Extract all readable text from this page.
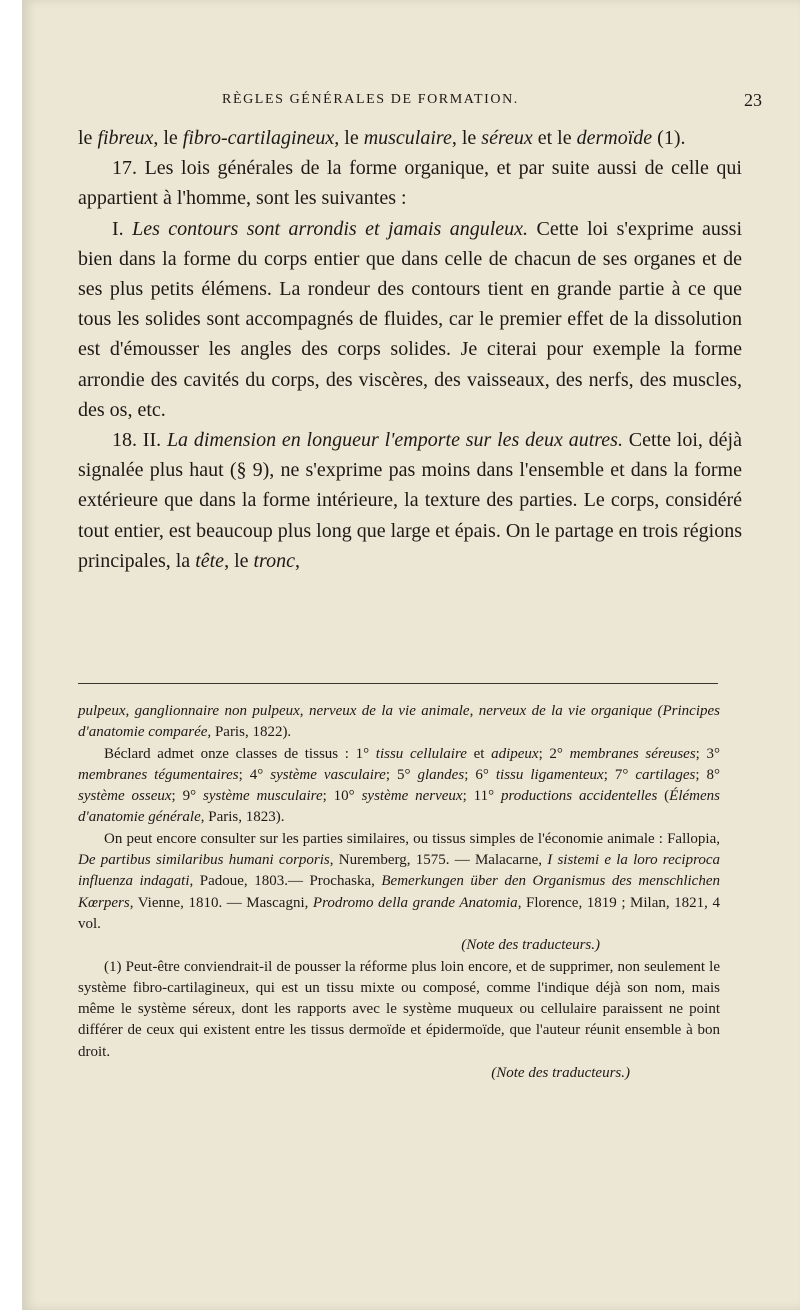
RÈGLES GÉNÉRALES DE FORMATION.	23

le fibreux, le fibro-cartilagineux, le musculaire, le séreux et le dermoïde (1).

17. Les lois générales de la forme organique, et par suite aussi de celle qui appartient à l'homme, sont les suivantes :

I. Les contours sont arrondis et jamais anguleux. Cette loi s'exprime aussi bien dans la forme du corps entier que dans celle de chacun de ses organes et de ses plus petits élémens. La rondeur des contours tient en grande partie à ce que tous les solides sont accompagnés de fluides, car le premier effet de la dissolution est d'émousser les angles des corps solides. Je citerai pour exemple la forme arrondie des cavités du corps, des viscères, des vaisseaux, des nerfs, des muscles, des os, etc.

18. II. La dimension en longueur l'emporte sur les deux autres. Cette loi, déjà signalée plus haut (§ 9), ne s'exprime pas moins dans l'ensemble et dans la forme extérieure que dans la forme intérieure, la texture des parties. Le corps, considéré tout entier, est beaucoup plus long que large et épais. On le partage en trois régions principales, la tête, le tronc,

pulpeux, ganglionnaire non pulpeux, nerveux de la vie animale, nerveux de la vie organique (Principes d'anatomie comparée, Paris, 1822).

Béclard admet onze classes de tissus : 1° tissu cellulaire et adipeux; 2° membranes séreuses; 3° membranes tégumentaires; 4° système vasculaire; 5° glandes; 6° tissu ligamenteux; 7° cartilages; 8° système osseux; 9° système musculaire; 10° système nerveux; 11° productions accidentelles (Élémens d'anatomie générale, Paris, 1823).

On peut encore consulter sur les parties similaires, ou tissus simples de l'économie animale : Fallopia, De partibus similaribus humani corporis, Nuremberg, 1575. — Malacarne, I sistemi e la loro reciproca influenza indagati, Padoue, 1803.— Prochaska, Bemerkungen über den Organismus des menschlichen Kœrpers, Vienne, 1810. — Mascagni, Prodromo della grande Anatomia, Florence, 1819 ; Milan, 1821, 4 vol.

(Note des traducteurs.)

(1) Peut-être conviendrait-il de pousser la réforme plus loin encore, et de supprimer, non seulement le système fibro-cartilagineux, qui est un tissu mixte ou composé, comme l'indique déjà son nom, mais même le système séreux, dont les rapports avec le système muqueux ou cellulaire paraissent ne point différer de ceux qui existent entre les tissus dermoïde et épidermoïde, que l'auteur réunit ensemble à bon droit.

(Note des traducteurs.)
